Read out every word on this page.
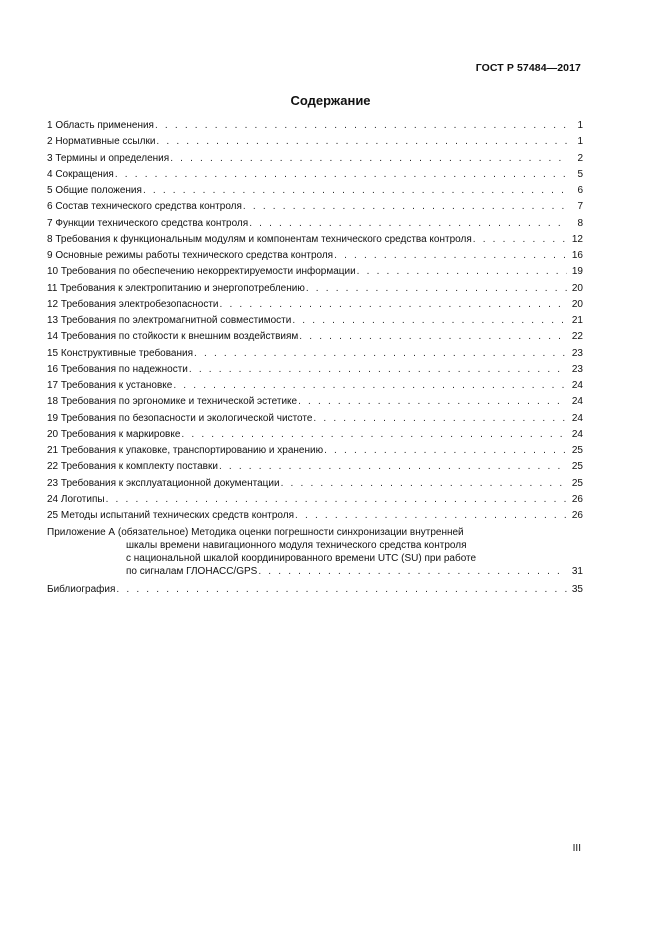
ГОСТ Р 57484—2017
Содержание
1 Область применения . . .	1
2 Нормативные ссылки . . .	1
3 Термины и определения . . .	2
4 Сокращения . . .	5
5 Общие положения . . .	6
6 Состав технического средства контроля . . .	7
7 Функции технического средства контроля . . .	8
8 Требования к функциональным модулям и компонентам технического средства контроля . . .	12
9 Основные режимы работы технического средства контроля . . .	16
10 Требования по обеспечению некорректируемости информации . . .	19
11 Требования к электропитанию и энергопотреблению . . .	20
12 Требования электробезопасности . . .	20
13 Требования по электромагнитной совместимости . . .	21
14 Требования по стойкости к внешним воздействиям . . .	22
15 Конструктивные требования . . .	23
16 Требования по надежности . . .	23
17 Требования к установке . . .	24
18 Требования по эргономике и технической эстетике . . .	24
19 Требования по безопасности и экологической чистоте . . .	24
20 Требования к маркировке . . .	24
21 Требования к упаковке, транспортированию и хранению . . .	25
22 Требования к комплекту поставки . . .	25
23 Требования к эксплуатационной документации . . .	25
24 Логотипы . . .	26
25 Методы испытаний технических средств контроля . . .	26
Приложение А (обязательное) Методика оценки погрешности синхронизации внутренней
шкалы времени навигационного модуля технического средства контроля
с национальной шкалой координированного времени UTC (SU) при работе
по сигналам ГЛОНАСС/GPS . . .	31
Библиография . . .	35
III
